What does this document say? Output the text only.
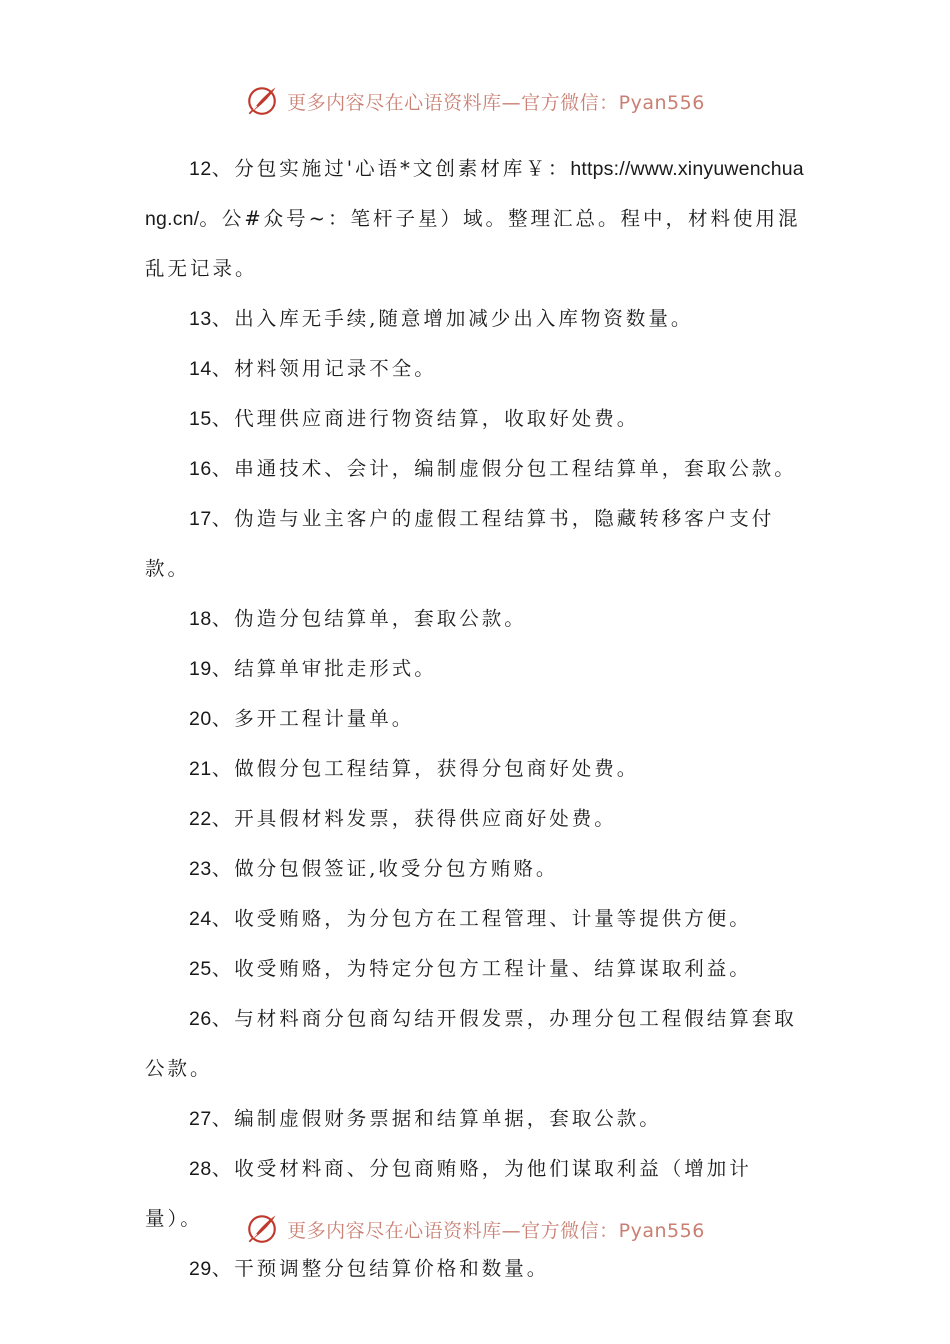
更多内容尽在心语资料库—官方微信：Pyan556

12、分包实施过'心语*文创素材库￥：https://www.xinyuwenchuang.cn/。公#众号~：笔杆子星）域。整理汇总。程中，材料使用混乱无记录。

13、出入库无手续,随意增加减少出入库物资数量。

14、材料领用记录不全。

15、代理供应商进行物资结算，收取好处费。

16、串通技术、会计，编制虚假分包工程结算单，套取公款。

17、伪造与业主客户的虚假工程结算书，隐藏转移客户支付款。

18、伪造分包结算单，套取公款。

19、结算单审批走形式。

20、多开工程计量单。

21、做假分包工程结算，获得分包商好处费。

22、开具假材料发票，获得供应商好处费。

23、做分包假签证,收受分包方贿赂。

24、收受贿赂，为分包方在工程管理、计量等提供方便。

25、收受贿赂，为特定分包方工程计量、结算谋取利益。

26、与材料商分包商勾结开假发票，办理分包工程假结算套取公款。

27、编制虚假财务票据和结算单据，套取公款。

28、收受材料商、分包商贿赂，为他们谋取利益（增加计量）。

29、干预调整分包结算价格和数量。

更多内容尽在心语资料库—官方微信：Pyan556
